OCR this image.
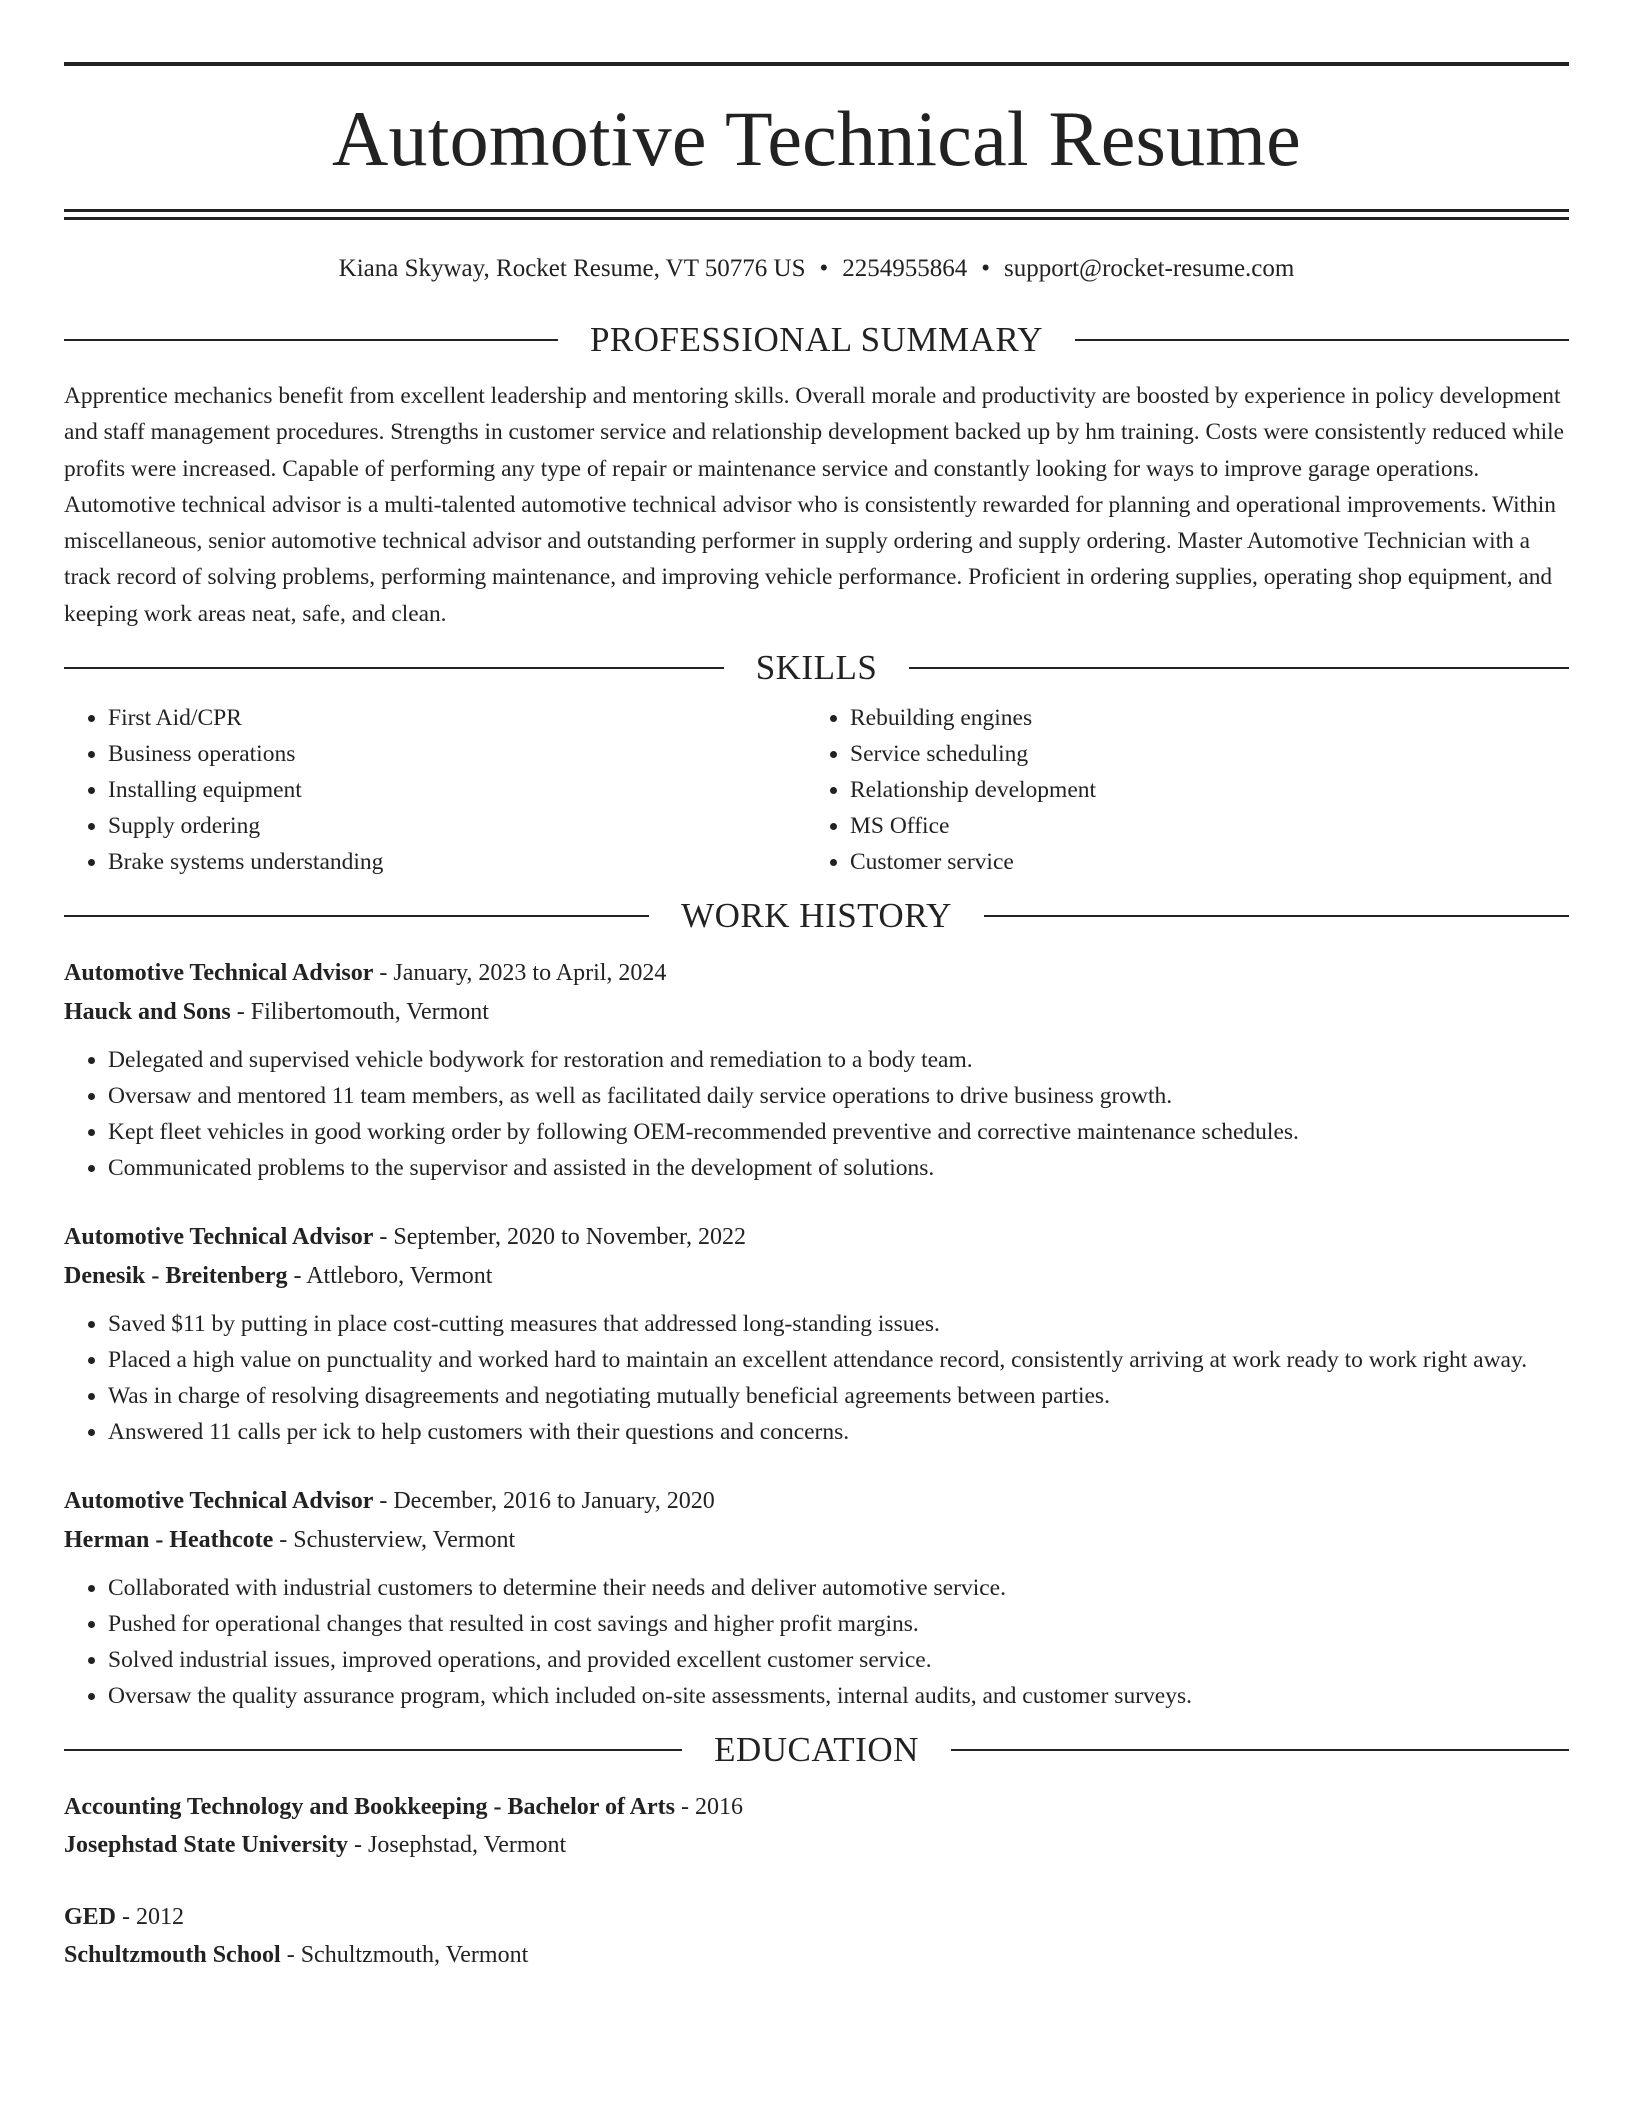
Automotive Technical Resume
Kiana Skyway, Rocket Resume, VT 50776 US • 2254955864 • support@rocket-resume.com
PROFESSIONAL SUMMARY

Apprentice mechanics benefit from excellent leadership and mentoring skills. Overall morale and productivity are boosted by experience in policy development and staff management procedures. Strengths in customer service and relationship development backed up by hm training. Costs were consistently reduced while profits were increased. Capable of performing any type of repair or maintenance service and constantly looking for ways to improve garage operations. Automotive technical advisor is a multi-talented automotive technical advisor who is consistently rewarded for planning and operational improvements. Within miscellaneous, senior automotive technical advisor and outstanding performer in supply ordering and supply ordering. Master Automotive Technician with a track record of solving problems, performing maintenance, and improving vehicle performance. Proficient in ordering supplies, operating shop equipment, and keeping work areas neat, safe, and clean.

SKILLS
• First Aid/CPR
• Business operations
• Installing equipment
• Supply ordering
• Brake systems understanding
• Rebuilding engines
• Service scheduling
• Relationship development
• MS Office
• Customer service
WORK HISTORY
Automotive Technical Advisor - January, 2023 to April, 2024
Hauck and Sons - Filibertomouth, Vermont
• Delegated and supervised vehicle bodywork for restoration and remediation to a body team.
• Oversaw and mentored 11 team members, as well as facilitated daily service operations to drive business growth.
• Kept fleet vehicles in good working order by following OEM-recommended preventive and corrective maintenance schedules.
• Communicated problems to the supervisor and assisted in the development of solutions.
Automotive Technical Advisor - September, 2020 to November, 2022
Denesik - Breitenberg - Attleboro, Vermont
• Saved $11 by putting in place cost-cutting measures that addressed long-standing issues.
• Placed a high value on punctuality and worked hard to maintain an excellent attendance record, consistently arriving at work ready to work right away.
• Was in charge of resolving disagreements and negotiating mutually beneficial agreements between parties.
• Answered 11 calls per ick to help customers with their questions and concerns.
Automotive Technical Advisor - December, 2016 to January, 2020
Herman - Heathcote - Schusterview, Vermont
• Collaborated with industrial customers to determine their needs and deliver automotive service.
• Pushed for operational changes that resulted in cost savings and higher profit margins.
• Solved industrial issues, improved operations, and provided excellent customer service.
• Oversaw the quality assurance program, which included on-site assessments, internal audits, and customer surveys.
EDUCATION
Accounting Technology and Bookkeeping - Bachelor of Arts - 2016
Josephstad State University - Josephstad, Vermont
GED - 2012
Schultzmouth School - Schultzmouth, Vermont
